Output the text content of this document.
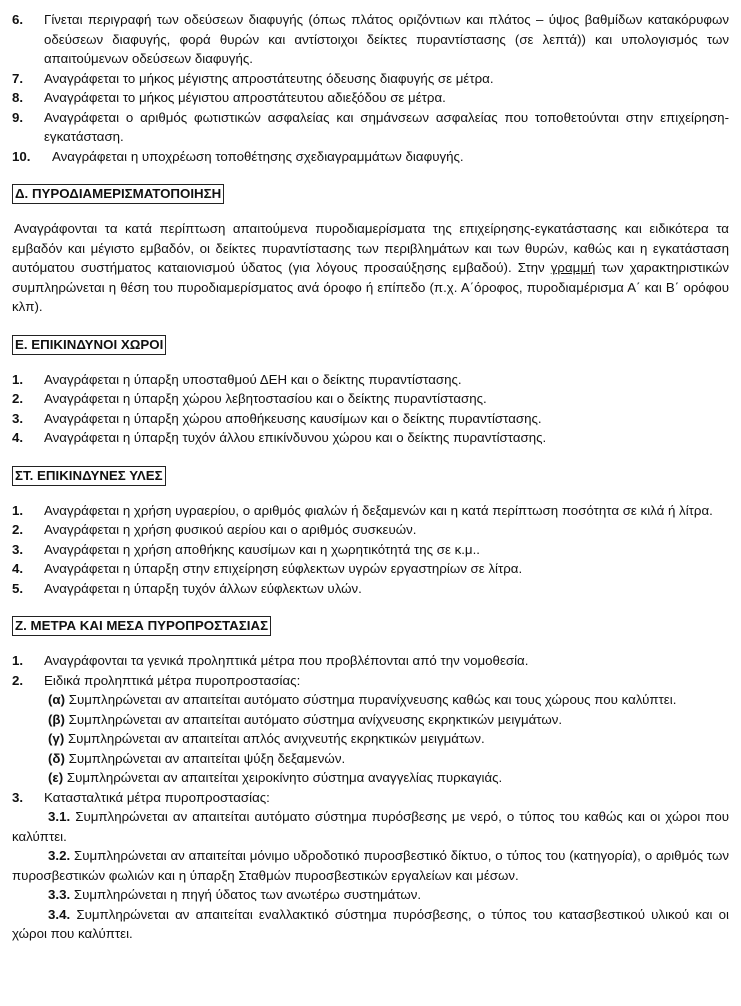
6.	Γίνεται περιγραφή των οδεύσεων διαφυγής (όπως πλάτος οριζόντιων και πλάτος – ύψος βαθμίδων κατακόρυφων οδεύσεων διαφυγής, φορά θυρών και αντίστοιχοι δείκτες πυραντίστασης (σε λεπτά)) και υπολογισμός των απαιτούμενων οδεύσεων διαφυγής.
7.	Αναγράφεται το μήκος μέγιστης απροστάτευτης όδευσης διαφυγής σε μέτρα.
8.	Αναγράφεται το μήκος μέγιστου απροστάτευτου αδιεξόδου σε μέτρα.
9.	Αναγράφεται ο αριθμός φωτιστικών ασφαλείας και σημάνσεων ασφαλείας που τοποθετούνται στην επιχείρηση- εγκατάσταση.
10.	Αναγράφεται η υποχρέωση τοποθέτησης σχεδιαγραμμάτων διαφυγής.
Δ. ΠΥΡΟΔΙΑΜΕΡΙΣΜΑΤΟΠΟΙΗΣΗ
Αναγράφονται τα κατά περίπτωση απαιτούμενα πυροδιαμερίσματα της επιχείρησης-εγκατάστασης και ειδικότερα τα εμβαδόν και μέγιστο εμβαδόν, οι δείκτες πυραντίστασης των περιβλημάτων και των θυρών, καθώς και η εγκατάσταση αυτόματου συστήματος καταιονισμού ύδατος (για λόγους προσαύξησης εμβαδού). Στην γραμμή των χαρακτηριστικών συμπληρώνεται η θέση του πυροδιαμερίσματος ανά όροφο ή επίπεδο (π.χ. Α΄όροφος, πυροδιαμέρισμα Α΄ και Β΄ ορόφου κλπ).
Ε. ΕΠΙΚΙΝΔΥΝΟΙ ΧΩΡΟΙ
1.	Αναγράφεται η ύπαρξη υποσταθμού ΔΕΗ και ο δείκτης πυραντίστασης.
2.	Αναγράφεται η ύπαρξη χώρου λεβητοστασίου και ο δείκτης πυραντίστασης.
3.	Αναγράφεται η ύπαρξη χώρου αποθήκευσης καυσίμων και ο δείκτης πυραντίστασης.
4.	Αναγράφεται η ύπαρξη τυχόν άλλου επικίνδυνου χώρου και ο δείκτης πυραντίστασης.
ΣΤ. ΕΠΙΚΙΝΔΥΝΕΣ ΥΛΕΣ
1.	Αναγράφεται η χρήση υγραερίου, ο αριθμός φιαλών ή δεξαμενών και η κατά περίπτωση ποσότητα σε κιλά ή λίτρα.
2.	Αναγράφεται η χρήση φυσικού αερίου και ο αριθμός συσκευών.
3.	Αναγράφεται η χρήση αποθήκης καυσίμων και η χωρητικότητά της σε κ.μ..
4.	Αναγράφεται η ύπαρξη στην επιχείρηση εύφλεκτων υγρών εργαστηρίων σε λίτρα.
5.	Αναγράφεται η ύπαρξη τυχόν άλλων εύφλεκτων υλών.
Ζ. ΜΕΤΡΑ ΚΑΙ ΜΕΣΑ ΠΥΡΟΠΡΟΣΤΑΣΙΑΣ
1.	Αναγράφονται τα γενικά προληπτικά μέτρα που προβλέπονται από την νομοθεσία.
2.	Ειδικά προληπτικά μέτρα πυροπροστασίας:
(α) Συμπληρώνεται αν απαιτείται αυτόματο σύστημα πυρανίχνευσης καθώς και τους χώρους που καλύπτει.
(β) Συμπληρώνεται αν απαιτείται αυτόματο σύστημα ανίχνευσης εκρηκτικών μειγμάτων.
(γ) Συμπληρώνεται αν απαιτείται απλός ανιχνευτής εκρηκτικών μειγμάτων.
(δ) Συμπληρώνεται αν απαιτείται ψύξη δεξαμενών.
(ε) Συμπληρώνεται αν απαιτείται χειροκίνητο σύστημα αναγγελίας πυρκαγιάς.
3.	Κατασταλτικά μέτρα πυροπροστασίας:
3.1. Συμπληρώνεται αν απαιτείται αυτόματο σύστημα πυρόσβεσης με νερό, ο τύπος του καθώς και οι χώροι που καλύπτει.
3.2. Συμπληρώνεται αν απαιτείται μόνιμο υδροδοτικό πυροσβεστικό δίκτυο, ο τύπος του (κατηγορία), ο αριθμός των πυροσβεστικών φωλιών και η ύπαρξη Σταθμών πυροσβεστικών εργαλείων και μέσων.
3.3. Συμπληρώνεται η πηγή ύδατος των ανωτέρω συστημάτων.
3.4. Συμπληρώνεται αν απαιτείται εναλλακτικό σύστημα πυρόσβεσης, ο τύπος του κατασβεστικού υλικού και οι χώροι που καλύπτει.
